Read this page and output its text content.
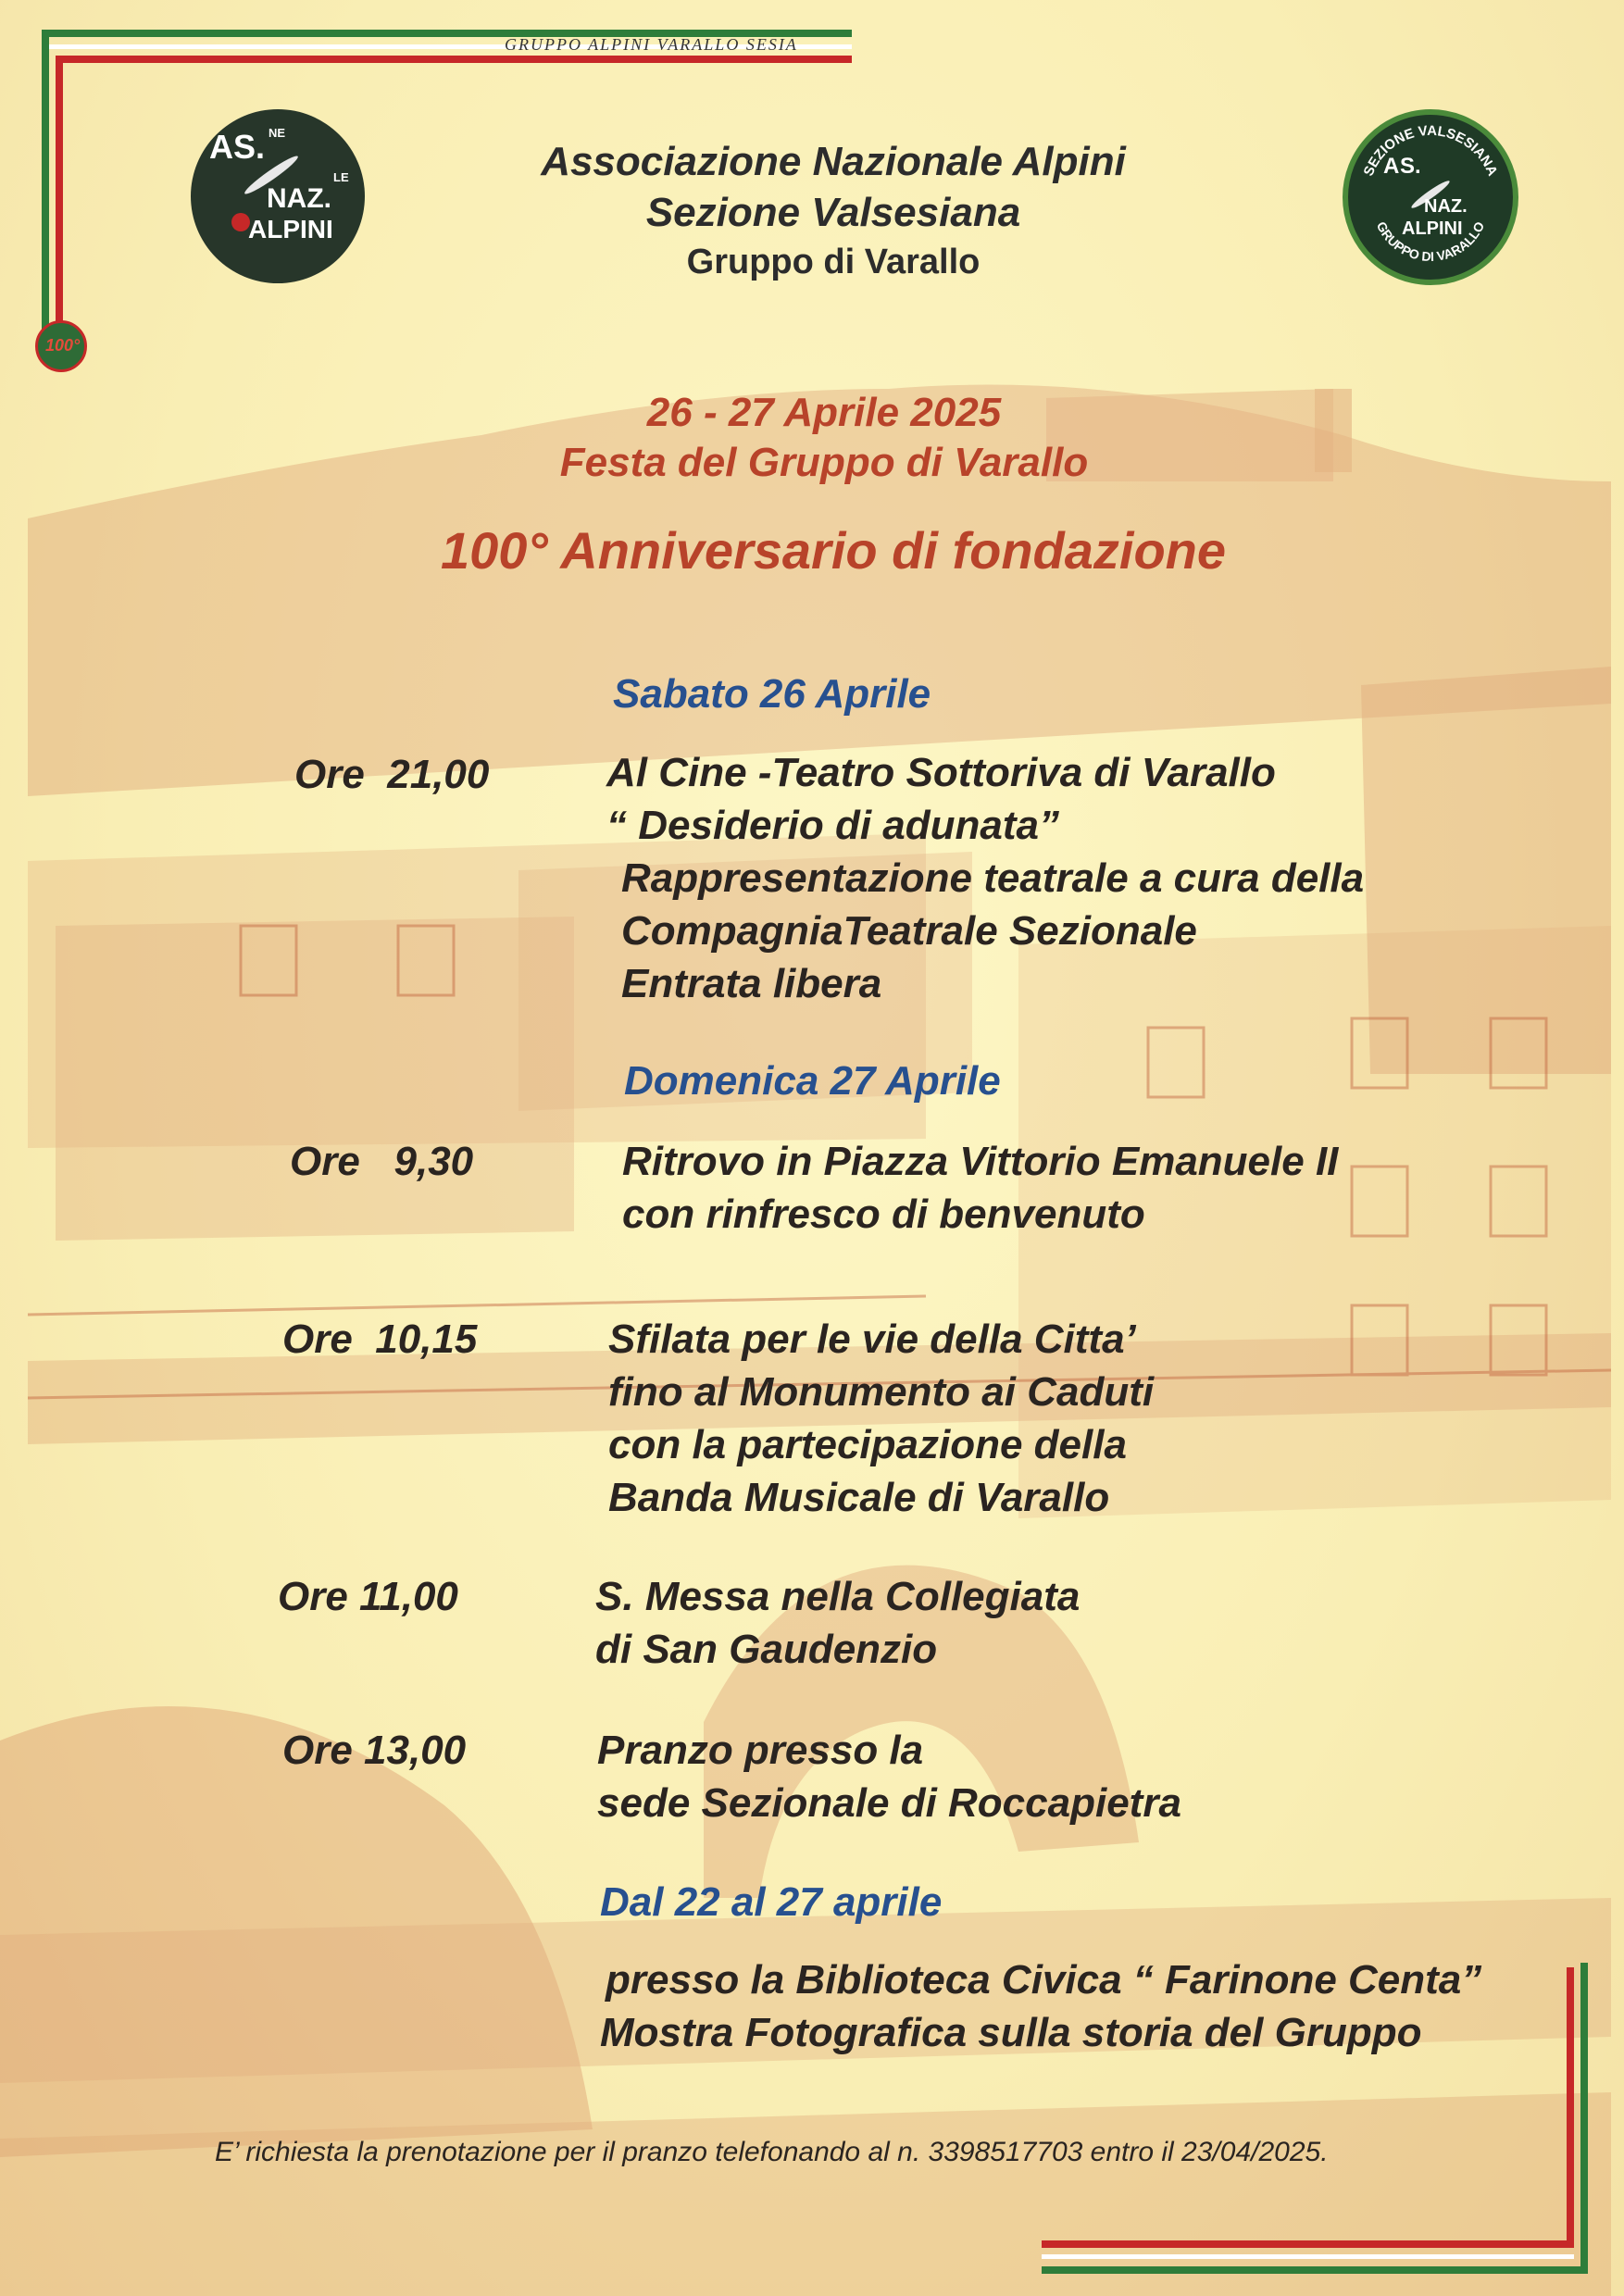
GRUPPO ALPINI VARALLO SESIA
A S. NE
NAZ.
LE
ALPINI
SEZIONE VALSESIANA
GRUPPO DI VARALLO
A S.
NAZ.
ALPINI
100°
Associazione Nazionale Alpini
Sezione Valsesiana
Gruppo di Varallo
26 - 27 Aprile 2025
Festa del Gruppo di Varallo
100° Anniversario di fondazione
Sabato 26 Aprile
Ore  21,00	Al Cine -Teatro Sottoriva di Varallo
“ Desiderio di adunata”
Rappresentazione teatrale a cura della
CompagniaTeatrale Sezionale
Entrata libera
Domenica 27 Aprile
Ore   9,30	Ritrovo in Piazza Vittorio Emanuele II
con rinfresco di benvenuto
Ore  10,15	Sfilata per le vie della Citta’
fino al Monumento ai Caduti
con la partecipazione della
Banda Musicale di Varallo
Ore 11,00	S. Messa nella Collegiata
di San Gaudenzio
Ore 13,00	Pranzo presso la
sede Sezionale di Roccapietra
Dal 22 al 27 aprile
presso la Biblioteca Civica “ Farinone Centa”
Mostra Fotografica sulla storia del Gruppo
E’ richiesta la prenotazione per il pranzo telefonando al n. 3398517703 entro il 23/04/2025.
